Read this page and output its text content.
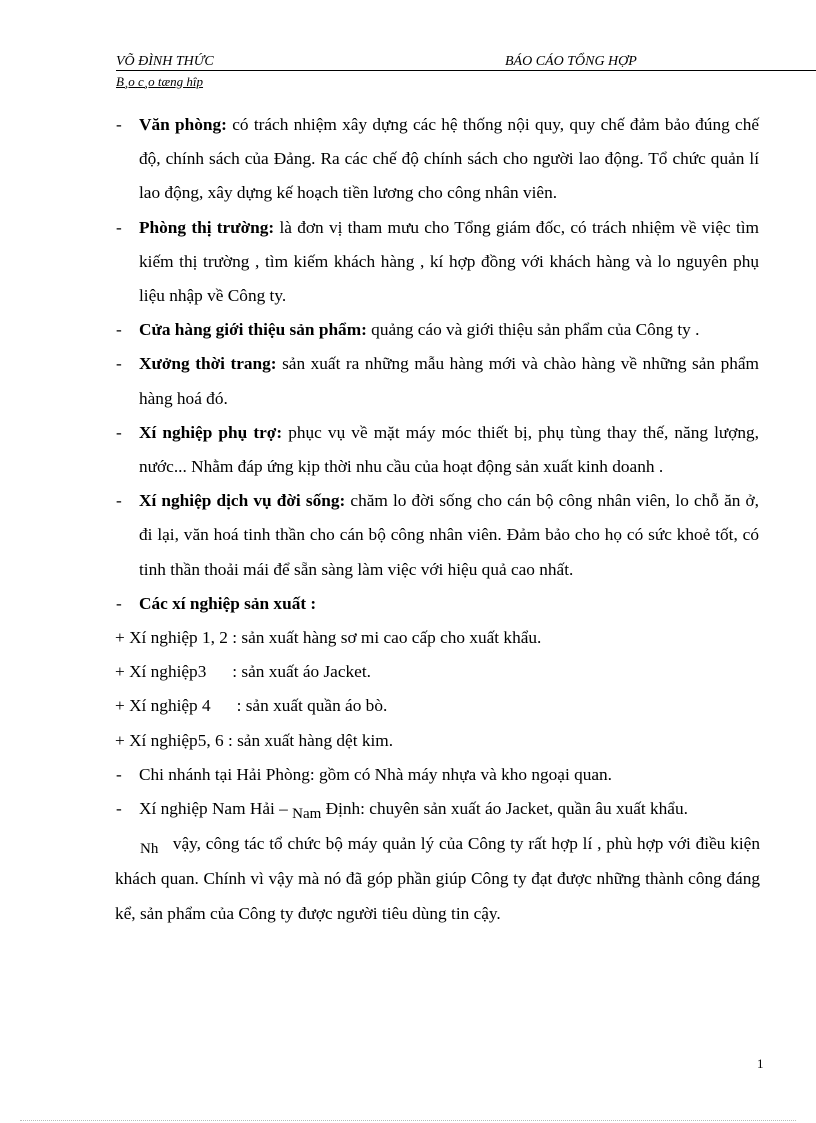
VÕ ĐÌNH THỨC	BÁO CÁO TỔNG HỢP
B¸o c¸o tæng hîp
- Văn phòng: có trách nhiệm xây dựng các hệ thống nội quy, quy chế đảm bảo đúng chế độ, chính sách của Đảng. Ra các chế độ chính sách cho người lao động. Tổ chức quản lí lao động, xây dựng kế hoạch tiền lương cho công nhân viên.
- Phòng thị trường: là đơn vị tham mưu cho Tổng giám đốc, có trách nhiệm về việc tìm kiếm thị trường , tìm kiếm khách hàng , kí hợp đồng với khách hàng và lo nguyên phụ liệu nhập về Công ty.
- Cửa hàng giới thiệu sản phẩm: quảng cáo và giới thiệu sản phẩm của Công ty .
- Xưởng thời trang: sản xuất ra những mẫu hàng mới và chào hàng về những sản phẩm hàng hoá đó.
- Xí nghiệp phụ trợ: phục vụ về mặt máy móc thiết bị, phụ tùng thay thế, năng lượng, nước... Nhằm đáp ứng kịp thời nhu cầu của hoạt động sản xuất kinh doanh .
- Xí nghiệp dịch vụ đời sống: chăm lo đời sống cho cán bộ công nhân viên, lo chỗ ăn ở, đi lại, văn hoá tinh thần cho cán bộ công nhân viên. Đảm bảo cho họ có sức khoẻ tốt, có tinh thần thoải mái để sẵn sàng làm việc với hiệu quả cao nhất.
- Các xí nghiệp sản xuất :
+ Xí nghiệp 1, 2 : sản xuất hàng sơ mi cao cấp cho xuất khẩu.
+ Xí nghiệp3      : sản xuất áo Jacket.
+ Xí nghiệp 4      : sản xuất quần áo bò.
+ Xí nghiệp5, 6 : sản xuất hàng dệt kim.
- Chi nhánh tại Hải Phòng: gồm có Nhà máy nhựa và kho ngoại quan.
- Xí nghiệp Nam Hải – Nam Định: chuyên sản xuất áo Jacket, quần âu xuất khẩu.
Nh   vậy, công tác tổ chức bộ máy quản lý của Công ty rất hợp lí , phù hợp với điều kiện khách quan. Chính vì vậy mà nó đã góp phần giúp Công ty đạt được những thành công đáng kể, sản phẩm của Công ty được người tiêu dùng tin cậy.
1
